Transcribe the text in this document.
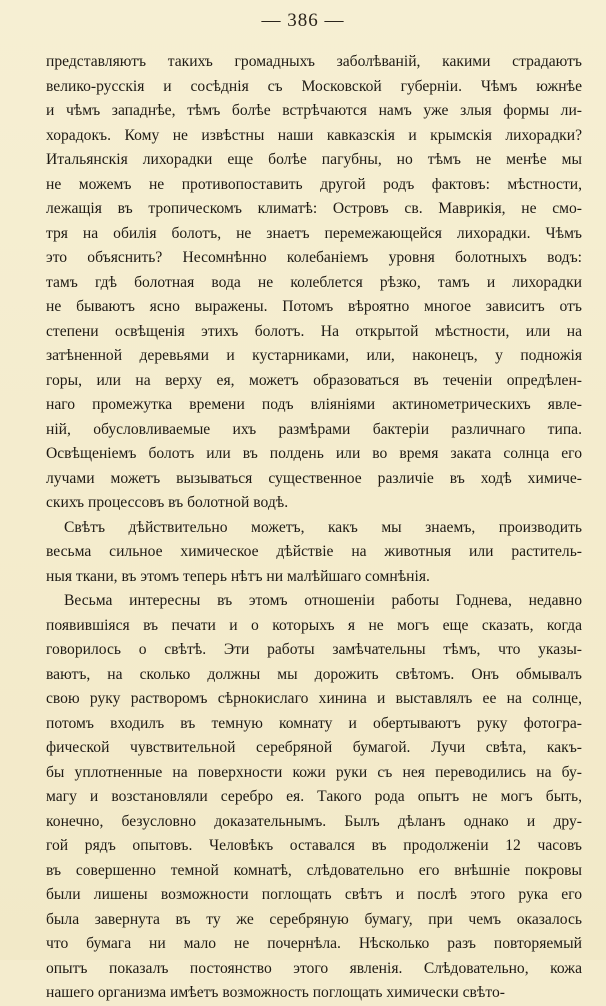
— 386 —
представляютъ такихъ громадныхъ заболѣваній, какими страдаютъ
велико-русскія и сосѣднія съ Московской губерніи. Чѣмъ южнѣе
и чѣмъ западнѣе, тѣмъ болѣе встрѣчаются намъ уже злыя формы ли-
хорадокъ. Кому не извѣстны наши кавказскія и крымскія лихорадки?
Итальянскія лихорадки еще болѣе пагубны, но тѣмъ не менѣе мы
не можемъ не противопоставить другой родъ фактовъ: мѣстности,
лежащія въ тропическомъ климатѣ: Островъ св. Маврикія, не смо-
тря на обилія болотъ, не знаетъ перемежающейся лихорадки. Чѣмъ
это объяснить? Несомнѣнно колебаніемъ уровня болотныхъ водъ:
тамъ гдѣ болотная вода не колеблется рѣзко, тамъ и лихорадки
не бываютъ ясно выражены. Потомъ вѣроятно многое зависитъ отъ
степени освѣщенія этихъ болотъ. На открытой мѣстности, или на
затѣненной деревьями и кустарниками, или, наконецъ, у подножія
горы, или на верху ея, можетъ образоваться въ теченіи опредѣлен-
наго промежутка времени подъ вліяніями актинометрическихъ явле-
ній, обусловливаемые ихъ размѣрами бактеріи различнаго типа.
Освѣщеніемъ болотъ или въ полдень или во время заката солнца его
лучами можетъ вызываться существенное различіе въ ходѣ химиче-
скихъ процессовъ въ болотной водѣ.
Свѣтъ дѣйствительно можетъ, какъ мы знаемъ, производить
весьма сильное химическое дѣйствіе на животныя или раститель-
ныя ткани, въ этомъ теперь нѣтъ ни малѣйшаго сомнѣнія.
Весьма интересны въ этомъ отношеніи работы Годнева, недавно
появившіяся въ печати и о которыхъ я не могъ еще сказать, когда
говорилось о свѣтѣ. Эти работы замѣчательны тѣмъ, что указы-
ваютъ, на сколько должны мы дорожить свѣтомъ. Онъ обмывалъ
свою руку растворомъ сѣрнокислаго хинина и выставлялъ ее на солнце,
потомъ входилъ въ темную комнату и обертываютъ руку фотогра-
фической чувствительной серебряной бумагой. Лучи свѣта, какъ-
бы уплотненные на поверхности кожи руки съ нея переводились на бу-
магу и возстановляли серебро ея. Такого рода опытъ не могъ быть,
конечно, безусловно доказательнымъ. Былъ дѣланъ однако и дру-
гой рядъ опытовъ. Человѣкъ оставался въ продолженіи 12 часовъ
въ совершенно темной комнатѣ, слѣдовательно его внѣшніе покровы
были лишены возможности поглощать свѣтъ и послѣ этого рука его
была завернута въ ту же серебряную бумагу, при чемъ оказалось
что бумага ни мало не почернѣла. Нѣсколько разъ повторяемый
опытъ показалъ постоянство этого явленія. Слѣдовательно, кожа
нашего организма имѣетъ возможность поглощать химически свѣто-
